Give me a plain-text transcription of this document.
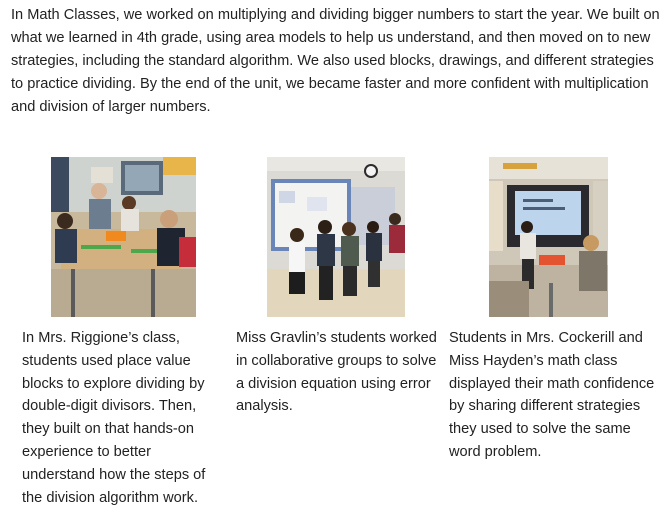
In Math Classes, we worked on multiplying and dividing bigger numbers to start the year. We built on what we learned in 4th grade, using area models to help us understand, and then moved on to new strategies, including the standard algorithm. We also used blocks, drawings, and different strategies to practice dividing. By the end of the unit, we became faster and more confident with multiplication and division of larger numbers.

In Mrs. Riggione’s class, students used place value blocks to explore dividing by double-digit divisors. Then, they built on that hands-on experience to better understand how the steps of the division algorithm work.

Miss Gravlin’s students worked in collaborative groups to solve a division equation using error analysis.

Students in Mrs. Cockerill and Miss Hayden’s math class displayed their math confidence by sharing different strategies they used to solve the same word problem.
